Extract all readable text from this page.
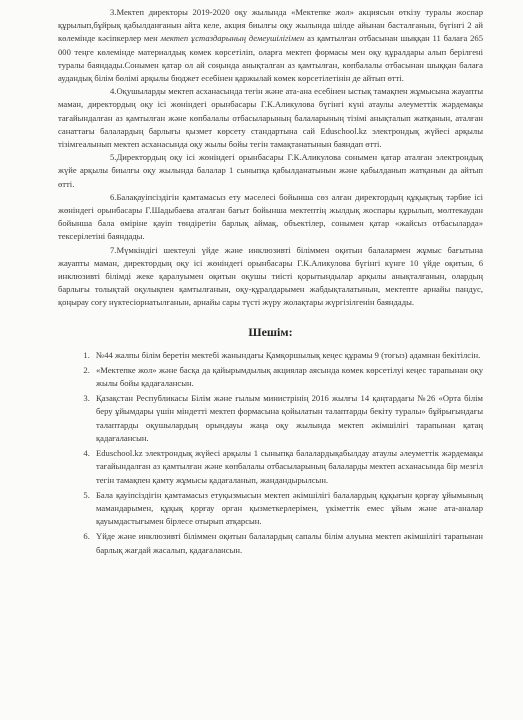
3.Мектеп директоры 2019-2020 оқу жылында «Мектепке жол» акциясын өткізу туралы жоспар құрылып,бұйрық қабылданғанын айта келе, акция биылғы оқу жылында шілде айынан басталғанын, бүгінгі 2 ай көлемінде кәсіпкерлер мен мектеп ұстаздарының демеушілігімен аз қамтылған отбасынан шыққан 11 балаға 265 000 теңге көлемінде материалдық көмек көрсетіліп, оларға мектеп формасы мен оқу құралдары алып берілгені туралы баяндады.Сонымен қатар ол ай соңында анықталған аз қамтылған, көпбалалы отбасынан шыққан балаға аудандық білім бөлімі арқылы бюджет есебінен қаржылай көмек көрсетілетінін де айтып өтті.

4.Оқушыларды мектеп асханасында тегін және ата-ана есебінен ыстық тамақпен жұмысына жауапты маман, директордың оқу ісі жөніндегі орынбасары Г.К.Аликулова бүгінгі күні атаулы әлеуметтік жәрдемақы тағайындалған аз қамтылған және көпбалалы отбасыларының балаларының тізімі анықталып жатқанын, аталған санаттағы балалардың барлығы қызмет көрсету стандартына сай Eduschool.kz электрондық жүйесі арқылы тізімгеалынып мектеп асханасында оқу жылы бойы тегін тамақтанатынын баяндап өтті.

5.Директордың оқу ісі жөніндегі орынбасары Г.К.Аликулова сонымен қатар аталған электрондық жүйе арқылы биылғы оқу жылында балалар 1 сыныпқа қабылданатынын және қабылданып жатқанын да айтып өтті.

6.Балақауіпсіздігін қамтамасыз ету мәселесі бойынша сөз алған директордың құқықтық тәрбие ісі жөніндегі орынбасары Г.Шадыбаева аталған бағыт бойынша мектептің жылдық жоспары құрылып, мөлтекаудан бойынша бала өміріне қауіп төндіретін барлық аймақ, объектілер, сонымен қатар «жайсыз отбасыларда» тексерілетіні баяндады.

7.Мүмкіндігі шектеулі үйде және инклюзивті біліммен оқитын балалармен жұмыс бағытына жауапты маман, директордың оқу ісі жөніндегі орынбасары Г.К.Аликулова бүгінгі күнге 10 үйде оқитын, 6 инклюзивті білімді жеке қаралуымен оқитын оқушы тиісті қорытындылар арқылы анықталғанын, олардың барлығы толықтай оқулықпен қамтылғанын, оқу-құралдарымен жабдықталатынын, мектепте арнайы пандус, қоңырау соғу нүктесіорнатылғанын, арнайы сары түсті жүру жолақтары жүргізілгенін баяндады.

Шешім:
1. №44 жалпы білім беретін мектебі жанындағы Қамқоршылық кеңес құрамы 9 (тогыз) адамнан бекітілсін.
2. «Мектепке жол» және басқа да қайырымдылық акциялар аясында көмек көрсетілуі кеңес тарапынан оқу жылы бойы қадағалансын.
3. Қазақстан Республикасы Білім және ғылым министрінің 2016 жылғы 14 қаңтардағы №26 «Орта білім беру ұйымдары үшін міндетті мектеп формасына қойылатын талаптарды бекіту туралы» бұйрығындағы талаптарды оқушылардың орындауы жаңа оқу жылында мектеп әкімшілігі тарапынан қатаң қадағалансын.
4. Eduschool.kz электрондық жүйесі арқылы 1 сыныпқа балалардықабылдау атаулы әлеуметтік жәрдемақы тағайындалған аз қамтылған және көпбалалы отбасыларының балаларды мектеп асханасында бір мезгіл тегін тамақпен қамту жұмысы қадағаланып, жандандырылсын.
5. Бала қауіпсіздігін қамтамасыз етуқызмысын мектеп әкімшілігі балалардың құқығын қорғау ұйымының мамандарымен, құқық қорғау орган қызметкерлерімен, үкіметтік емес ұйым және ата-аналар қауымдастығымен бірлесе отырып атқарсын.
6. Үйде және инклюзивті біліммен оқитын балалардың сапалы білім алуына мектеп әкімшілігі тарапынан барлық жағдай жасалып, қадағалансын.
